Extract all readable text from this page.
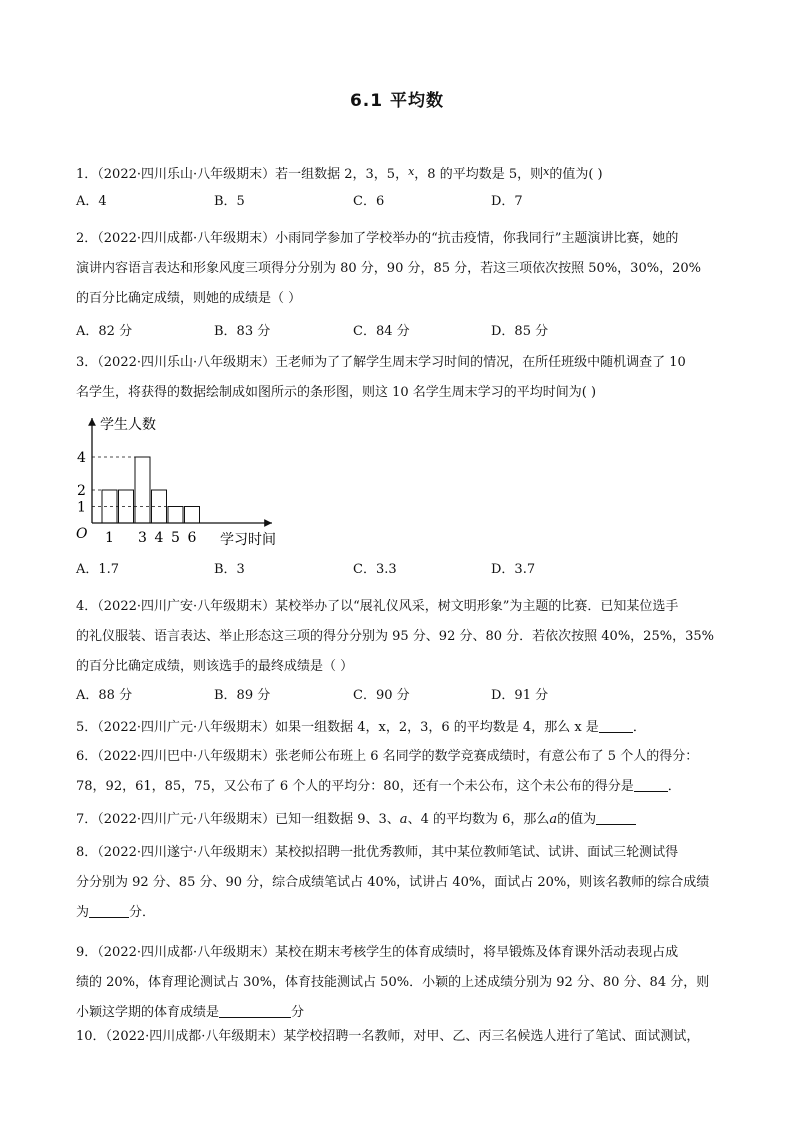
6.1 平均数

1．（2022·四川乐山·八年级期末）若一组数据 2，3，5，$^x$，8 的平均数是 5，则$^x$的值为( )

A．4	B．5	C．6	D．7

2．（2022·四川成都·八年级期末）小雨同学参加了学校举办的“抗击疫情，你我同行”主题演讲比赛，她的

演讲内容语言表达和形象风度三项得分分别为 80 分，90 分，85 分，若这三项依次按照 50%，30%，20%

的百分比确定成绩，则她的成绩是（ ）

A．82 分	B．83 分	C．84 分	D．85 分

3．（2022·四川乐山·八年级期末）王老师为了了解学生周末学习时间的情况，在所任班级中随机调查了 10

名学生，将获得的数据绘制成如图所示的条形图，则这 10 名学生周末学习的平均时间为( )

1
2
4
1 3 4 5 6
O
学生人数
学习时间
A．1.7	B．3	C．3.3	D．3.7

4．（2022·四川广安·八年级期末）某校举办了以“展礼仪风采，树文明形象”为主题的比赛．已知某位选手

的礼仪服装、语言表达、举止形态这三项的得分分别为 95 分、92 分、80 分．若依次按照 40%，25%，35%

的百分比确定成绩，则该选手的最终成绩是（ ）

A．88 分	B．89 分	C．90 分	D．91 分

5．（2022·四川广元·八年级期末）如果一组数据 4，x，2，3，6 的平均数是 4，那么 x 是	．

6．（2022·四川巴中·八年级期末）张老师公布班上 6 名同学的数学竞赛成绩时，有意公布了 5 个人的得分：

78，92，61，85，75，又公布了 6 个人的平均分：80，还有一个未公布，这个未公布的得分是	．

7．（2022·四川广元·八年级期末）已知一组数据 9、3、a、4 的平均数为 6，那么a的值为

8．（2022·四川遂宁·八年级期末）某校拟招聘一批优秀教师，其中某位教师笔试、试讲、面试三轮测试得

分分别为 92 分、85 分、90 分，综合成绩笔试占 40%，试讲占 40%，面试占 20%，则该名教师的综合成绩

为	分．

9．（2022·四川成都·八年级期末）某校在期末考核学生的体育成绩时，将早锻炼及体育课外活动表现占成

绩的 20%，体育理论测试占 30%，体育技能测试占 50%．小颖的上述成绩分别为 92 分、80 分、84 分，则

小颖这学期的体育成绩是	分

10．（2022·四川成都·八年级期末）某学校招聘一名教师，对甲、乙、丙三名候选人进行了笔试、面试测试，
